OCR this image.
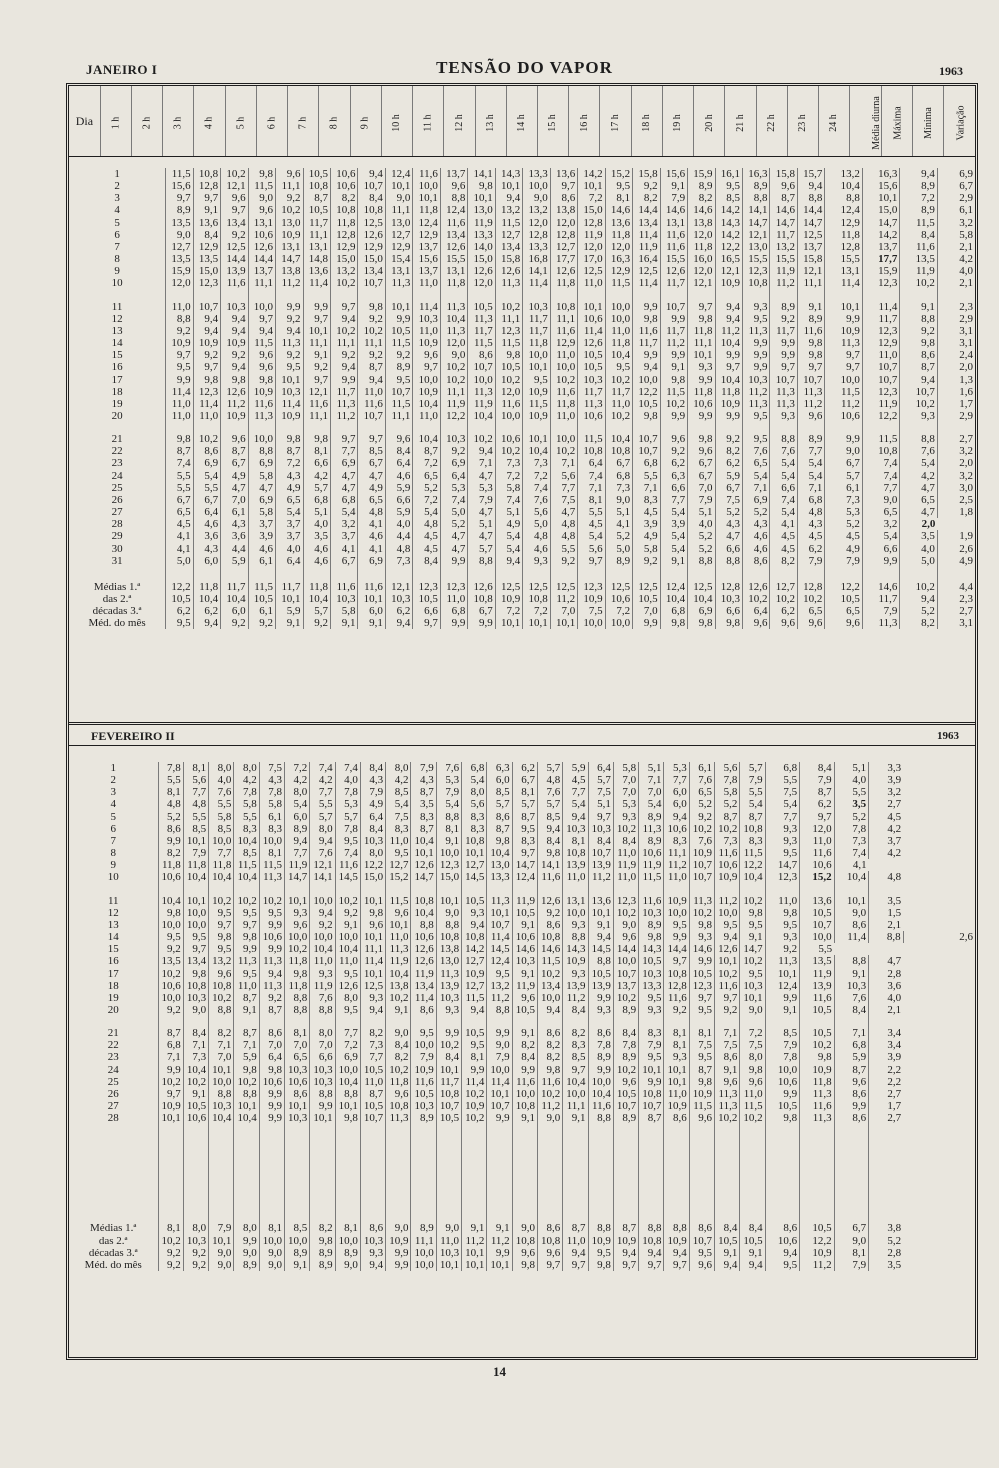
JANEIRO I	TENSÃO DO VAPOR	1963
Dia	1 h	2 h	3 h	4 h	5 h	6 h	7 h	8 h	9 h	10 h	11 h	12 h	13 h	14 h	15 h	16 h	17 h	18 h	19 h	20 h	21 h	22 h	23 h	24 h	Média diurna	Máxima	Mínima	Variação
1	11,5	10,8	10,2	9,8	9,6	10,5	10,6	9,4	12,4	11,6	13,7	14,1	14,3	13,3	13,6	14,2	15,2	15,8	15,6	15,9	16,1	16,3	15,8	15,7	13,2	16,3	9,4	6,9
2	15,6	12,8	12,1	11,5	11,1	10,8	10,6	10,7	10,1	10,0	9,6	9,8	10,1	10,0	9,7	10,1	9,5	9,2	9,1	8,9	9,5	8,9	9,6	9,4	10,4	15,6	8,9	6,7
3	9,7	9,7	9,6	9,0	9,2	8,7	8,2	8,4	9,0	10,1	8,8	10,1	9,4	9,0	8,6	7,2	8,1	8,2	7,9	8,2	8,5	8,8	8,7	8,8	8,8	10,1	7,2	2,9
4	8,9	9,1	9,7	9,6	10,2	10,5	10,8	10,8	11,1	11,8	12,4	13,0	13,2	13,2	13,8	15,0	14,6	14,4	14,6	14,6	14,2	14,1	14,6	14,4	12,4	15,0	8,9	6,1
5	13,5	13,6	13,4	13,1	13,0	11,7	11,8	12,5	13,0	12,4	11,6	11,9	11,5	12,0	12,0	12,8	13,6	13,4	13,1	13,8	14,3	14,7	14,7	14,7	12,9	14,7	11,5	3,2
6	9,0	8,4	9,2	10,6	10,9	11,1	12,8	12,6	12,7	12,9	13,4	13,3	12,7	12,8	12,8	11,9	11,8	11,4	11,6	12,0	14,2	12,1	11,7	12,5	11,8	14,2	8,4	5,8
7	12,7	12,9	12,5	12,6	13,1	13,1	12,9	12,9	12,9	13,7	12,6	14,0	13,4	13,3	12,7	12,0	12,0	11,9	11,6	11,8	12,2	13,0	13,2	13,7	12,8	13,7	11,6	2,1
8	13,5	13,5	14,4	14,4	14,7	14,8	15,0	15,0	15,4	15,6	15,5	15,0	15,8	16,8	17,7	17,0	16,3	16,4	15,5	16,0	16,5	15,5	15,5	15,8	15,5	17,7	13,5	4,2
9	15,9	15,0	13,9	13,7	13,8	13,6	13,2	13,4	13,1	13,7	13,1	12,6	12,6	14,1	12,6	12,5	12,9	12,5	12,6	12,0	12,1	12,3	11,9	12,1	13,1	15,9	11,9	4,0
10	12,0	12,3	11,6	11,1	11,2	11,4	10,2	10,7	11,3	11,0	11,8	12,0	11,3	11,4	11,8	11,0	11,5	11,4	11,7	12,1	10,9	10,8	11,2	11,1	11,4	12,3	10,2	2,1

11	11,0	10,7	10,3	10,0	9,9	9,9	9,7	9,8	10,1	11,4	11,3	10,5	10,2	10,3	10,8	10,1	10,0	9,9	10,7	9,7	9,4	9,3	8,9	9,1	10,1	11,4	9,1	2,3
12	8,8	9,4	9,4	9,7	9,2	9,7	9,4	9,2	9,9	10,3	10,4	11,3	11,1	11,7	11,1	10,6	10,0	9,8	9,9	9,8	9,4	9,5	9,2	8,9	9,9	11,7	8,8	2,9
13	9,2	9,4	9,4	9,4	9,4	10,1	10,2	10,2	10,5	11,0	11,3	11,7	12,3	11,7	11,6	11,4	11,0	11,6	11,7	11,8	11,2	11,3	11,7	11,6	10,9	12,3	9,2	3,1
14	10,9	10,9	10,9	11,5	11,3	11,1	11,1	11,1	11,5	10,9	12,0	11,5	11,5	11,8	12,9	12,6	11,8	11,7	11,2	11,1	10,4	9,9	9,9	9,8	11,3	12,9	9,8	3,1
15	9,7	9,2	9,2	9,6	9,2	9,1	9,2	9,2	9,2	9,6	9,0	8,6	9,8	10,0	11,0	10,5	10,4	9,9	9,9	10,1	9,9	9,9	9,9	9,8	9,7	11,0	8,6	2,4
16	9,5	9,7	9,4	9,6	9,5	9,2	9,4	8,7	8,9	9,7	10,2	10,7	10,5	10,1	10,0	10,5	9,5	9,4	9,1	9,3	9,7	9,9	9,7	9,7	9,7	10,7	8,7	2,0
17	9,9	9,8	9,8	9,8	10,1	9,7	9,9	9,4	9,5	10,0	10,2	10,0	10,2	9,5	10,2	10,3	10,2	10,0	9,8	9,9	10,4	10,3	10,7	10,7	10,0	10,7	9,4	1,3
18	11,4	12,3	12,6	10,9	10,3	12,1	11,7	11,0	10,7	10,9	11,1	11,3	12,0	10,9	11,6	11,7	11,7	12,2	11,5	11,8	11,8	11,2	11,3	11,3	11,5	12,3	10,7	1,6
19	11,0	11,4	11,2	11,6	11,4	11,6	11,3	11,6	11,5	10,4	11,9	11,9	11,6	11,5	11,8	11,3	11,0	10,5	10,2	10,6	10,9	11,3	11,3	11,2	11,2	11,9	10,2	1,7
20	11,0	11,0	10,9	11,3	10,9	11,1	11,2	10,7	11,1	11,0	12,2	10,4	10,0	10,9	11,0	10,6	10,2	9,8	9,9	9,9	9,9	9,5	9,3	9,6	10,6	12,2	9,3	2,9

21	9,8	10,2	9,6	10,0	9,8	9,8	9,7	9,7	9,6	10,4	10,3	10,2	10,6	10,1	10,0	11,5	10,4	10,7	9,6	9,8	9,2	9,5	8,8	8,9	9,9	11,5	8,8	2,7
22	8,7	8,6	8,7	8,8	8,7	8,1	7,7	8,5	8,4	8,7	9,2	9,4	10,2	10,4	10,2	10,8	10,8	10,7	9,2	9,6	8,2	7,6	7,6	7,7	9,0	10,8	7,6	3,2
23	7,4	6,9	6,7	6,9	7,2	6,6	6,9	6,7	6,4	7,2	6,9	7,1	7,3	7,3	7,1	6,4	6,7	6,8	6,2	6,7	6,2	6,5	5,4	5,4	6,7	7,4	5,4	2,0
24	5,5	5,4	4,9	5,8	4,3	4,2	4,7	4,7	4,6	6,5	6,4	4,7	7,2	7,2	5,6	7,4	6,8	5,5	6,3	6,7	5,9	5,4	5,4	5,4	5,7	7,4	4,2	3,2
25	5,5	5,5	4,7	4,7	4,9	5,7	4,7	4,9	5,9	5,2	5,3	5,3	5,8	7,4	7,7	7,1	7,3	7,1	6,6	7,0	6,7	7,1	6,6	7,1	6,1	7,7	4,7	3,0
26	6,7	6,7	7,0	6,9	6,5	6,8	6,8	6,5	6,6	7,2	7,4	7,9	7,4	7,6	7,5	8,1	9,0	8,3	7,7	7,9	7,5	6,9	7,4	6,8	7,3	9,0	6,5	2,5
27	6,5	6,4	6,1	5,8	5,4	5,1	5,4	4,8	5,9	5,4	5,0	4,7	5,1	5,6	4,7	5,5	5,1	4,5	5,4	5,1	5,2	5,2	5,4	4,8	5,3	6,5	4,7	1,8
28	4,5	4,6	4,3	3,7	3,7	4,0	3,2	4,1	4,0	4,8	5,2	5,1	4,9	5,0	4,8	4,5	4,1	3,9	3,9	4,0	4,3	4,3	4,1	4,3	5,2	3,2	2,0	
29	4,1	3,6	3,6	3,9	3,7	3,5	3,7	4,6	4,4	4,5	4,7	4,7	5,4	4,8	4,8	5,4	5,2	4,9	5,4	5,2	4,7	4,6	4,5	4,5	4,5	5,4	3,5	1,9
30	4,1	4,3	4,4	4,6	4,0	4,6	4,1	4,1	4,8	4,5	4,7	5,7	5,4	4,6	5,5	5,6	5,0	5,8	5,4	5,2	6,6	4,6	4,5	6,2	4,9	6,6	4,0	2,6
31	5,0	6,0	5,9	6,1	6,4	4,6	6,7	6,9	7,3	8,4	9,9	8,8	9,4	9,3	9,2	9,7	8,9	9,2	9,1	8,8	8,8	8,6	8,2	7,9	7,9	9,9	5,0	4,9

Médias 1.ª	12,2	11,8	11,7	11,5	11,7	11,8	11,6	11,6	12,1	12,3	12,3	12,6	12,5	12,5	12,5	12,3	12,5	12,5	12,4	12,5	12,8	12,6	12,7	12,8	12,2	14,6	10,2	4,4
das 2.ª	10,5	10,4	10,4	10,5	10,1	10,4	10,3	10,1	10,3	10,5	11,0	10,8	10,9	10,8	11,2	10,9	10,6	10,5	10,4	10,4	10,3	10,2	10,2	10,2	10,5	11,7	9,4	2,3
décadas 3.ª	6,2	6,2	6,0	6,1	5,9	5,7	5,8	6,0	6,2	6,6	6,8	6,7	7,2	7,2	7,0	7,5	7,2	7,0	6,8	6,9	6,6	6,4	6,2	6,5	6,5	7,9	5,2	2,7
Méd. do mês	9,5	9,4	9,2	9,2	9,1	9,2	9,1	9,1	9,4	9,7	9,9	9,9	10,1	10,1	10,1	10,0	10,0	9,9	9,8	9,8	9,8	9,6	9,6	9,6	9,6	11,3	8,2	3,1
FEVEREIRO II	1963
1	7,8	8,1	8,0	8,0	7,5	7,2	7,4	7,4	8,4	8,0	7,9	7,6	6,8	6,3	6,2	5,7	5,9	6,4	5,8	5,1	5,3	6,1	5,6	5,7	6,8	8,4	5,1	3,3	
2	5,5	5,6	4,0	4,2	4,3	4,2	4,2	4,0	4,3	4,2	4,3	5,3	5,4	6,0	6,7	4,8	4,5	5,7	7,0	7,1	7,7	7,6	7,8	7,9	5,5	7,9	4,0	3,9	
3	8,1	7,7	7,6	7,8	7,8	8,0	7,7	7,8	7,9	8,5	8,7	7,9	8,0	8,5	8,1	7,6	7,7	7,5	7,0	7,0	6,0	6,5	5,8	5,5	7,5	8,7	5,5	3,2	
4	4,8	4,8	5,5	5,8	5,8	5,4	5,5	5,3	4,9	5,4	3,5	5,4	5,6	5,7	5,7	5,7	5,4	5,1	5,3	5,4	6,0	5,2	5,2	5,4	5,4	6,2	3,5	2,7	
5	5,2	5,5	5,8	5,5	6,1	6,0	5,7	5,7	6,4	7,5	8,3	8,8	8,3	8,6	8,7	8,5	9,4	9,7	9,3	8,9	9,4	9,2	8,7	8,7	7,7	9,7	5,2	4,5	
6	8,6	8,5	8,5	8,3	8,3	8,9	8,0	7,8	8,4	8,3	8,7	8,1	8,3	8,7	9,5	9,4	10,3	10,3	10,2	11,3	10,6	10,2	10,2	10,8	9,3	12,0	7,8	4,2	
7	9,9	10,1	10,0	10,4	10,0	9,4	9,4	9,5	10,3	11,0	10,4	9,1	10,8	9,8	8,3	8,4	8,1	8,4	8,4	8,9	8,3	7,6	7,3	8,3	9,3	11,0	7,3	3,7	
8	8,2	7,9	7,7	8,5	8,1	7,7	7,6	7,4	8,0	9,5	10,1	10,0	10,1	10,4	9,7	9,8	10,8	10,7	11,0	10,6	11,1	10,9	11,6	11,5	9,5	11,6	7,4	4,2	
9	11,8	11,8	11,8	11,5	11,5	11,9	12,1	11,6	12,2	12,7	12,6	12,3	12,7	13,0	14,7	14,1	13,9	13,9	11,9	11,9	11,2	10,7	10,6	12,2	14,7	10,6	4,1		
10	10,6	10,4	10,4	10,4	11,3	14,7	14,1	14,5	15,0	15,2	14,7	15,0	14,5	13,3	12,4	11,6	11,0	11,2	11,0	11,5	11,0	10,7	10,9	10,4	12,3	15,2	10,4	4,8	

11	10,4	10,1	10,2	10,2	10,2	10,1	10,0	10,2	10,1	11,5	10,8	10,1	10,5	11,3	11,9	12,6	13,1	13,6	12,3	11,6	10,9	11,3	11,2	10,2	11,0	13,6	10,1	3,5	
12	9,8	10,0	9,5	9,5	9,5	9,3	9,4	9,2	9,8	9,6	10,4	9,0	9,3	10,1	10,5	9,2	10,0	10,1	10,2	10,3	10,0	10,2	10,0	9,8	9,8	10,5	9,0	1,5	
13	10,0	10,0	9,7	9,7	9,9	9,6	9,2	9,1	9,6	10,1	8,8	8,8	9,4	10,7	9,1	8,6	9,3	9,1	9,0	8,9	9,5	9,8	9,5	9,5	9,5	10,7	8,6	2,1	
14	9,5	9,5	9,8	9,8	10,6	10,0	10,0	10,0	10,1	11,0	10,6	10,8	10,8	11,4	10,6	10,8	8,8	9,4	9,6	9,8	9,9	9,3	9,4	9,1	9,3	10,0	11,4	8,8	2,6
15	9,2	9,7	9,5	9,9	9,9	10,2	10,4	10,4	11,1	11,3	12,6	13,8	14,2	14,5	14,6	14,6	14,3	14,5	14,4	14,3	14,4	14,6	12,6	14,7	9,2	5,5			
16	13,5	13,4	13,2	11,3	11,3	11,8	11,0	11,0	11,4	11,9	12,6	13,0	12,7	12,4	10,3	11,5	10,9	8,8	10,0	10,5	9,7	9,9	10,1	10,2	11,3	13,5	8,8	4,7	
17	10,2	9,8	9,6	9,5	9,4	9,8	9,3	9,5	10,1	10,4	11,9	11,3	10,9	9,5	9,1	10,2	9,3	10,5	10,7	10,3	10,8	10,5	10,2	9,5	10,1	11,9	9,1	2,8	
18	10,6	10,8	10,8	11,0	11,3	11,8	11,9	12,6	12,5	13,8	13,4	13,9	12,7	13,2	11,9	13,4	13,9	13,9	13,7	13,3	12,8	12,3	11,6	10,3	12,4	13,9	10,3	3,6	
19	10,0	10,3	10,2	8,7	9,2	8,8	7,6	8,0	9,3	10,2	11,4	10,3	11,5	11,2	9,6	10,0	11,2	9,9	10,2	9,5	11,6	9,7	9,7	10,1	9,9	11,6	7,6	4,0	
20	9,2	9,0	8,8	9,1	8,7	8,8	8,8	9,5	9,4	9,1	8,6	9,3	9,4	8,8	10,5	9,4	8,4	9,3	8,9	9,3	9,2	9,5	9,2	9,0	9,1	10,5	8,4	2,1	

21	8,7	8,4	8,2	8,7	8,6	8,1	8,0	7,7	8,2	9,0	9,5	9,9	10,5	9,9	9,1	8,6	8,2	8,6	8,4	8,3	8,1	8,1	7,1	7,2	8,5	10,5	7,1	3,4	
22	6,8	7,1	7,1	7,1	7,0	7,0	7,0	7,2	7,3	8,4	10,0	10,2	9,5	9,0	8,2	8,2	8,3	7,8	7,8	7,9	8,1	7,5	7,5	7,5	7,9	10,2	6,8	3,4	
23	7,1	7,3	7,0	5,9	6,4	6,5	6,6	6,9	7,7	8,2	7,9	8,4	8,1	7,9	8,4	8,2	8,5	8,9	8,9	9,5	9,3	9,5	8,6	8,0	7,8	9,8	5,9	3,9	
24	9,9	10,4	10,1	9,8	9,8	10,3	10,3	10,0	10,5	10,2	10,9	10,1	9,9	10,0	9,9	9,8	9,7	9,9	10,2	10,1	10,1	8,7	9,1	9,8	10,0	10,9	8,7	2,2	
25	10,2	10,2	10,0	10,2	10,6	10,6	10,3	10,4	11,0	11,8	11,6	11,7	11,4	11,4	11,6	11,6	10,4	10,0	9,6	9,9	10,1	9,8	9,6	9,6	10,6	11,8	9,6	2,2	
26	9,7	9,1	8,8	8,8	9,9	8,6	8,8	8,8	8,7	9,6	10,5	10,8	10,2	10,1	10,0	10,2	10,0	10,4	10,5	10,8	11,0	10,9	11,3	11,0	9,9	11,3	8,6	2,7	
27	10,9	10,5	10,3	10,1	9,9	10,1	9,9	10,1	10,5	10,8	10,3	10,7	10,9	10,7	10,8	11,2	11,1	11,6	10,7	10,7	10,9	11,5	11,3	11,5	10,5	11,6	9,9	1,7	
28	10,1	10,6	10,4	10,4	9,9	10,3	10,1	9,8	10,7	11,3	8,9	10,5	10,2	9,9	9,1	9,0	9,1	8,8	8,9	8,7	8,6	9,6	10,2	10,2	9,8	11,3	8,6	2,7	

Médias 1.ª	8,1	8,0	7,9	8,0	8,1	8,5	8,2	8,1	8,6	9,0	8,9	9,0	9,1	9,1	9,0	8,6	8,7	8,8	8,7	8,8	8,8	8,6	8,4	8,4	8,6	10,5	6,7	3,8	
das 2.ª	10,2	10,3	10,1	9,9	10,0	10,0	9,8	10,0	10,3	10,9	11,1	11,0	11,2	11,2	10,8	10,8	11,0	10,9	10,9	10,8	10,9	10,7	10,5	10,5	10,6	12,2	9,0	5,2	
décadas 3.ª	9,2	9,2	9,0	9,0	9,0	8,9	8,9	8,9	9,3	9,9	10,0	10,3	10,1	9,9	9,6	9,6	9,4	9,5	9,4	9,4	9,4	9,5	9,1	9,1	9,4	10,9	8,1	2,8	
Méd. do mês	9,2	9,2	9,0	8,9	9,0	9,1	8,9	9,0	9,4	9,9	10,0	10,1	10,1	10,1	9,8	9,7	9,7	9,8	9,7	9,7	9,7	9,6	9,4	9,4	9,5	11,2	7,9	3,5	
14
